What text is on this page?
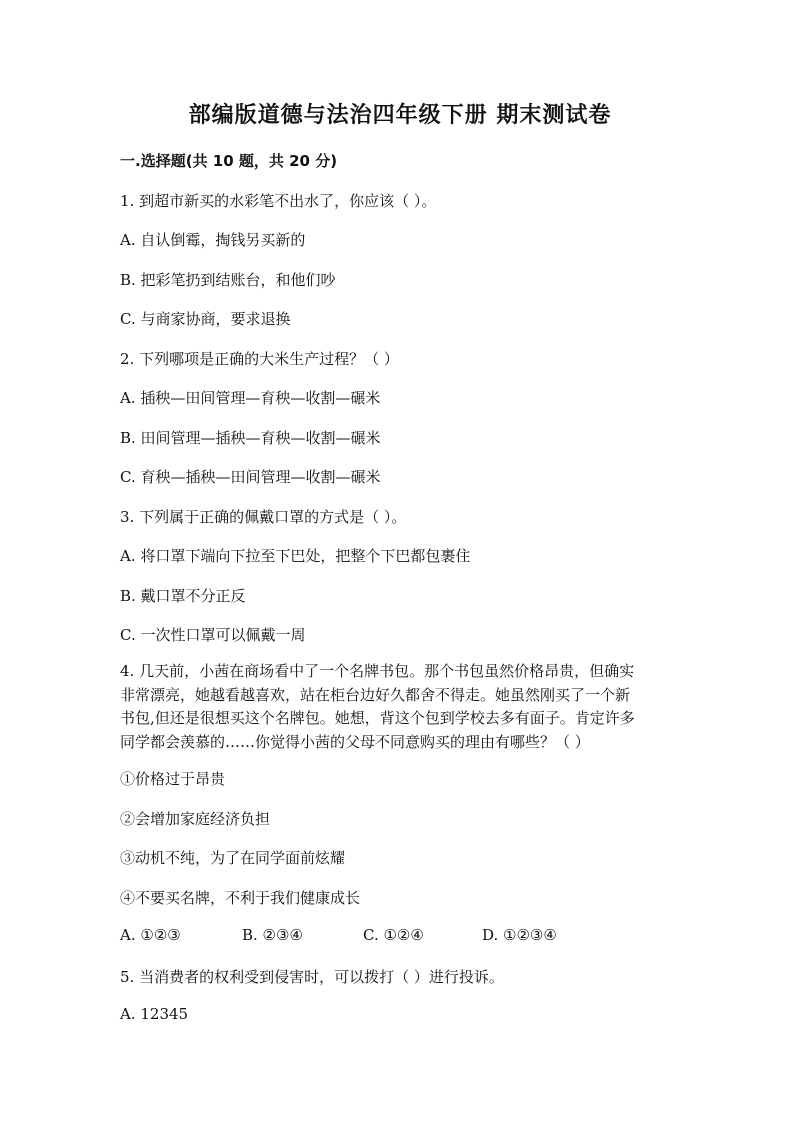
部编版道德与法治四年级下册 期末测试卷
一.选择题(共 10 题，共 20 分)
1. 到超市新买的水彩笔不出水了，你应该（ ）。
A. 自认倒霉，掏钱另买新的
B. 把彩笔扔到结账台，和他们吵
C. 与商家协商，要求退换
2. 下列哪项是正确的大米生产过程？（ ）
A. 插秧—田间管理—育秧—收割—碾米
B. 田间管理—插秧—育秧—收割—碾米
C. 育秧—插秧—田间管理—收割—碾米
3. 下列属于正确的佩戴口罩的方式是（ ）。
A. 将口罩下端向下拉至下巴处，把整个下巴都包裹住
B. 戴口罩不分正反
C. 一次性口罩可以佩戴一周
4. 几天前，小茜在商场看中了一个名牌书包。那个书包虽然价格昂贵，但确实
非常漂亮，她越看越喜欢，站在柜台边好久都舍不得走。她虽然刚买了一个新
书包,但还是很想买这个名牌包。她想，背这个包到学校去多有面子。肯定许多
同学都会羡慕的……你觉得小茜的父母不同意购买的理由有哪些？（ ）
①价格过于昂贵
②会增加家庭经济负担
③动机不纯，为了在同学面前炫耀
④不要买名牌，不利于我们健康成长
A. ①②③	B. ②③④	C. ①②④	D. ①②③④
5. 当消费者的权利受到侵害时，可以拨打（ ）进行投诉。
A. 12345
